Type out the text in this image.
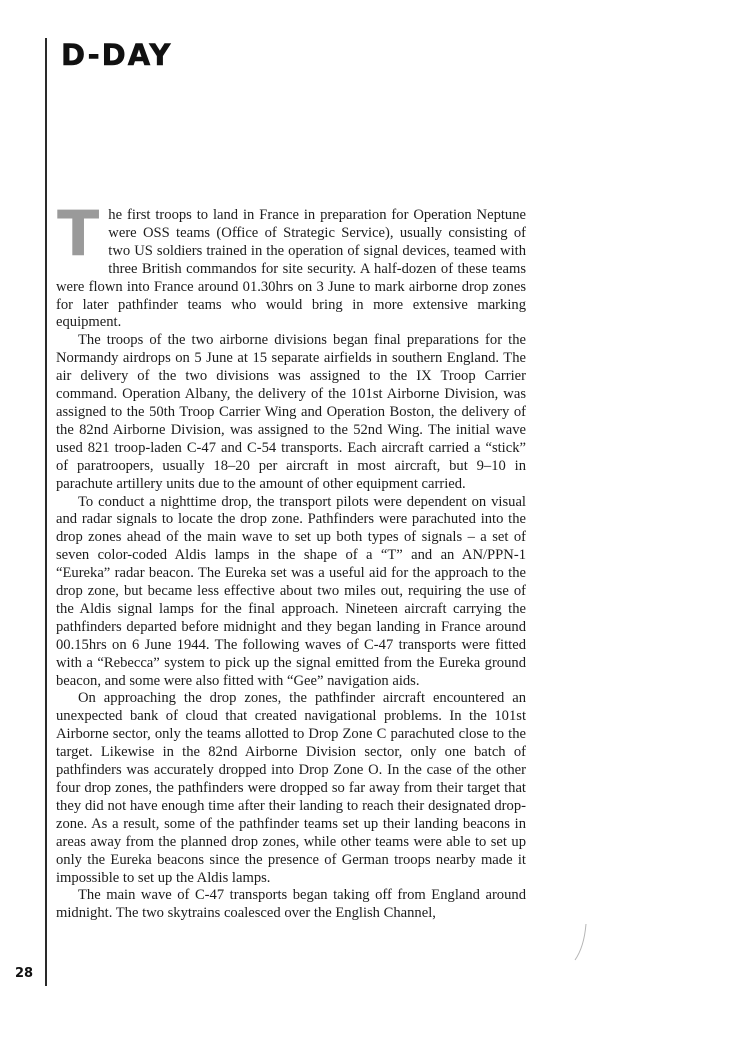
D-DAY

The first troops to land in France in preparation for Operation Neptune were OSS teams (Office of Strategic Service), usually consisting of two US soldiers trained in the operation of signal devices, teamed with three British commandos for site security. A half-dozen of these teams were flown into France around 01.30hrs on 3 June to mark airborne drop zones for later pathfinder teams who would bring in more extensive marking equipment.

The troops of the two airborne divisions began final preparations for the Normandy airdrops on 5 June at 15 separate airfields in southern England. The air delivery of the two divisions was assigned to the IX Troop Carrier command. Operation Albany, the delivery of the 101st Airborne Division, was assigned to the 50th Troop Carrier Wing and Operation Boston, the delivery of the 82nd Airborne Division, was assigned to the 52nd Wing. The initial wave used 821 troop-laden C-47 and C-54 transports. Each aircraft carried a “stick” of paratroopers, usually 18–20 per aircraft in most aircraft, but 9–10 in parachute artillery units due to the amount of other equipment carried.

To conduct a nighttime drop, the transport pilots were dependent on visual and radar signals to locate the drop zone. Pathfinders were parachuted into the drop zones ahead of the main wave to set up both types of signals – a set of seven color-coded Aldis lamps in the shape of a “T” and an AN/PPN-1 “Eureka” radar beacon. The Eureka set was a useful aid for the approach to the drop zone, but became less effective about two miles out, requiring the use of the Aldis signal lamps for the final approach. Nineteen aircraft carrying the pathfinders departed before midnight and they began landing in France around 00.15hrs on 6 June 1944. The following waves of C-47 transports were fitted with a “Rebecca” system to pick up the signal emitted from the Eureka ground beacon, and some were also fitted with “Gee” navigation aids.

On approaching the drop zones, the pathfinder aircraft encountered an unexpected bank of cloud that created navigational problems. In the 101st Airborne sector, only the teams allotted to Drop Zone C parachuted close to the target. Likewise in the 82nd Airborne Division sector, only one batch of pathfinders was accurately dropped into Drop Zone O. In the case of the other four drop zones, the pathfinders were dropped so far away from their target that they did not have enough time after their landing to reach their designated drop-zone. As a result, some of the pathfinder teams set up their landing beacons in areas away from the planned drop zones, while other teams were able to set up only the Eureka beacons since the presence of German troops nearby made it impossible to set up the Aldis lamps.

The main wave of C-47 transports began taking off from England around midnight. The two skytrains coalesced over the English Channel,

28
